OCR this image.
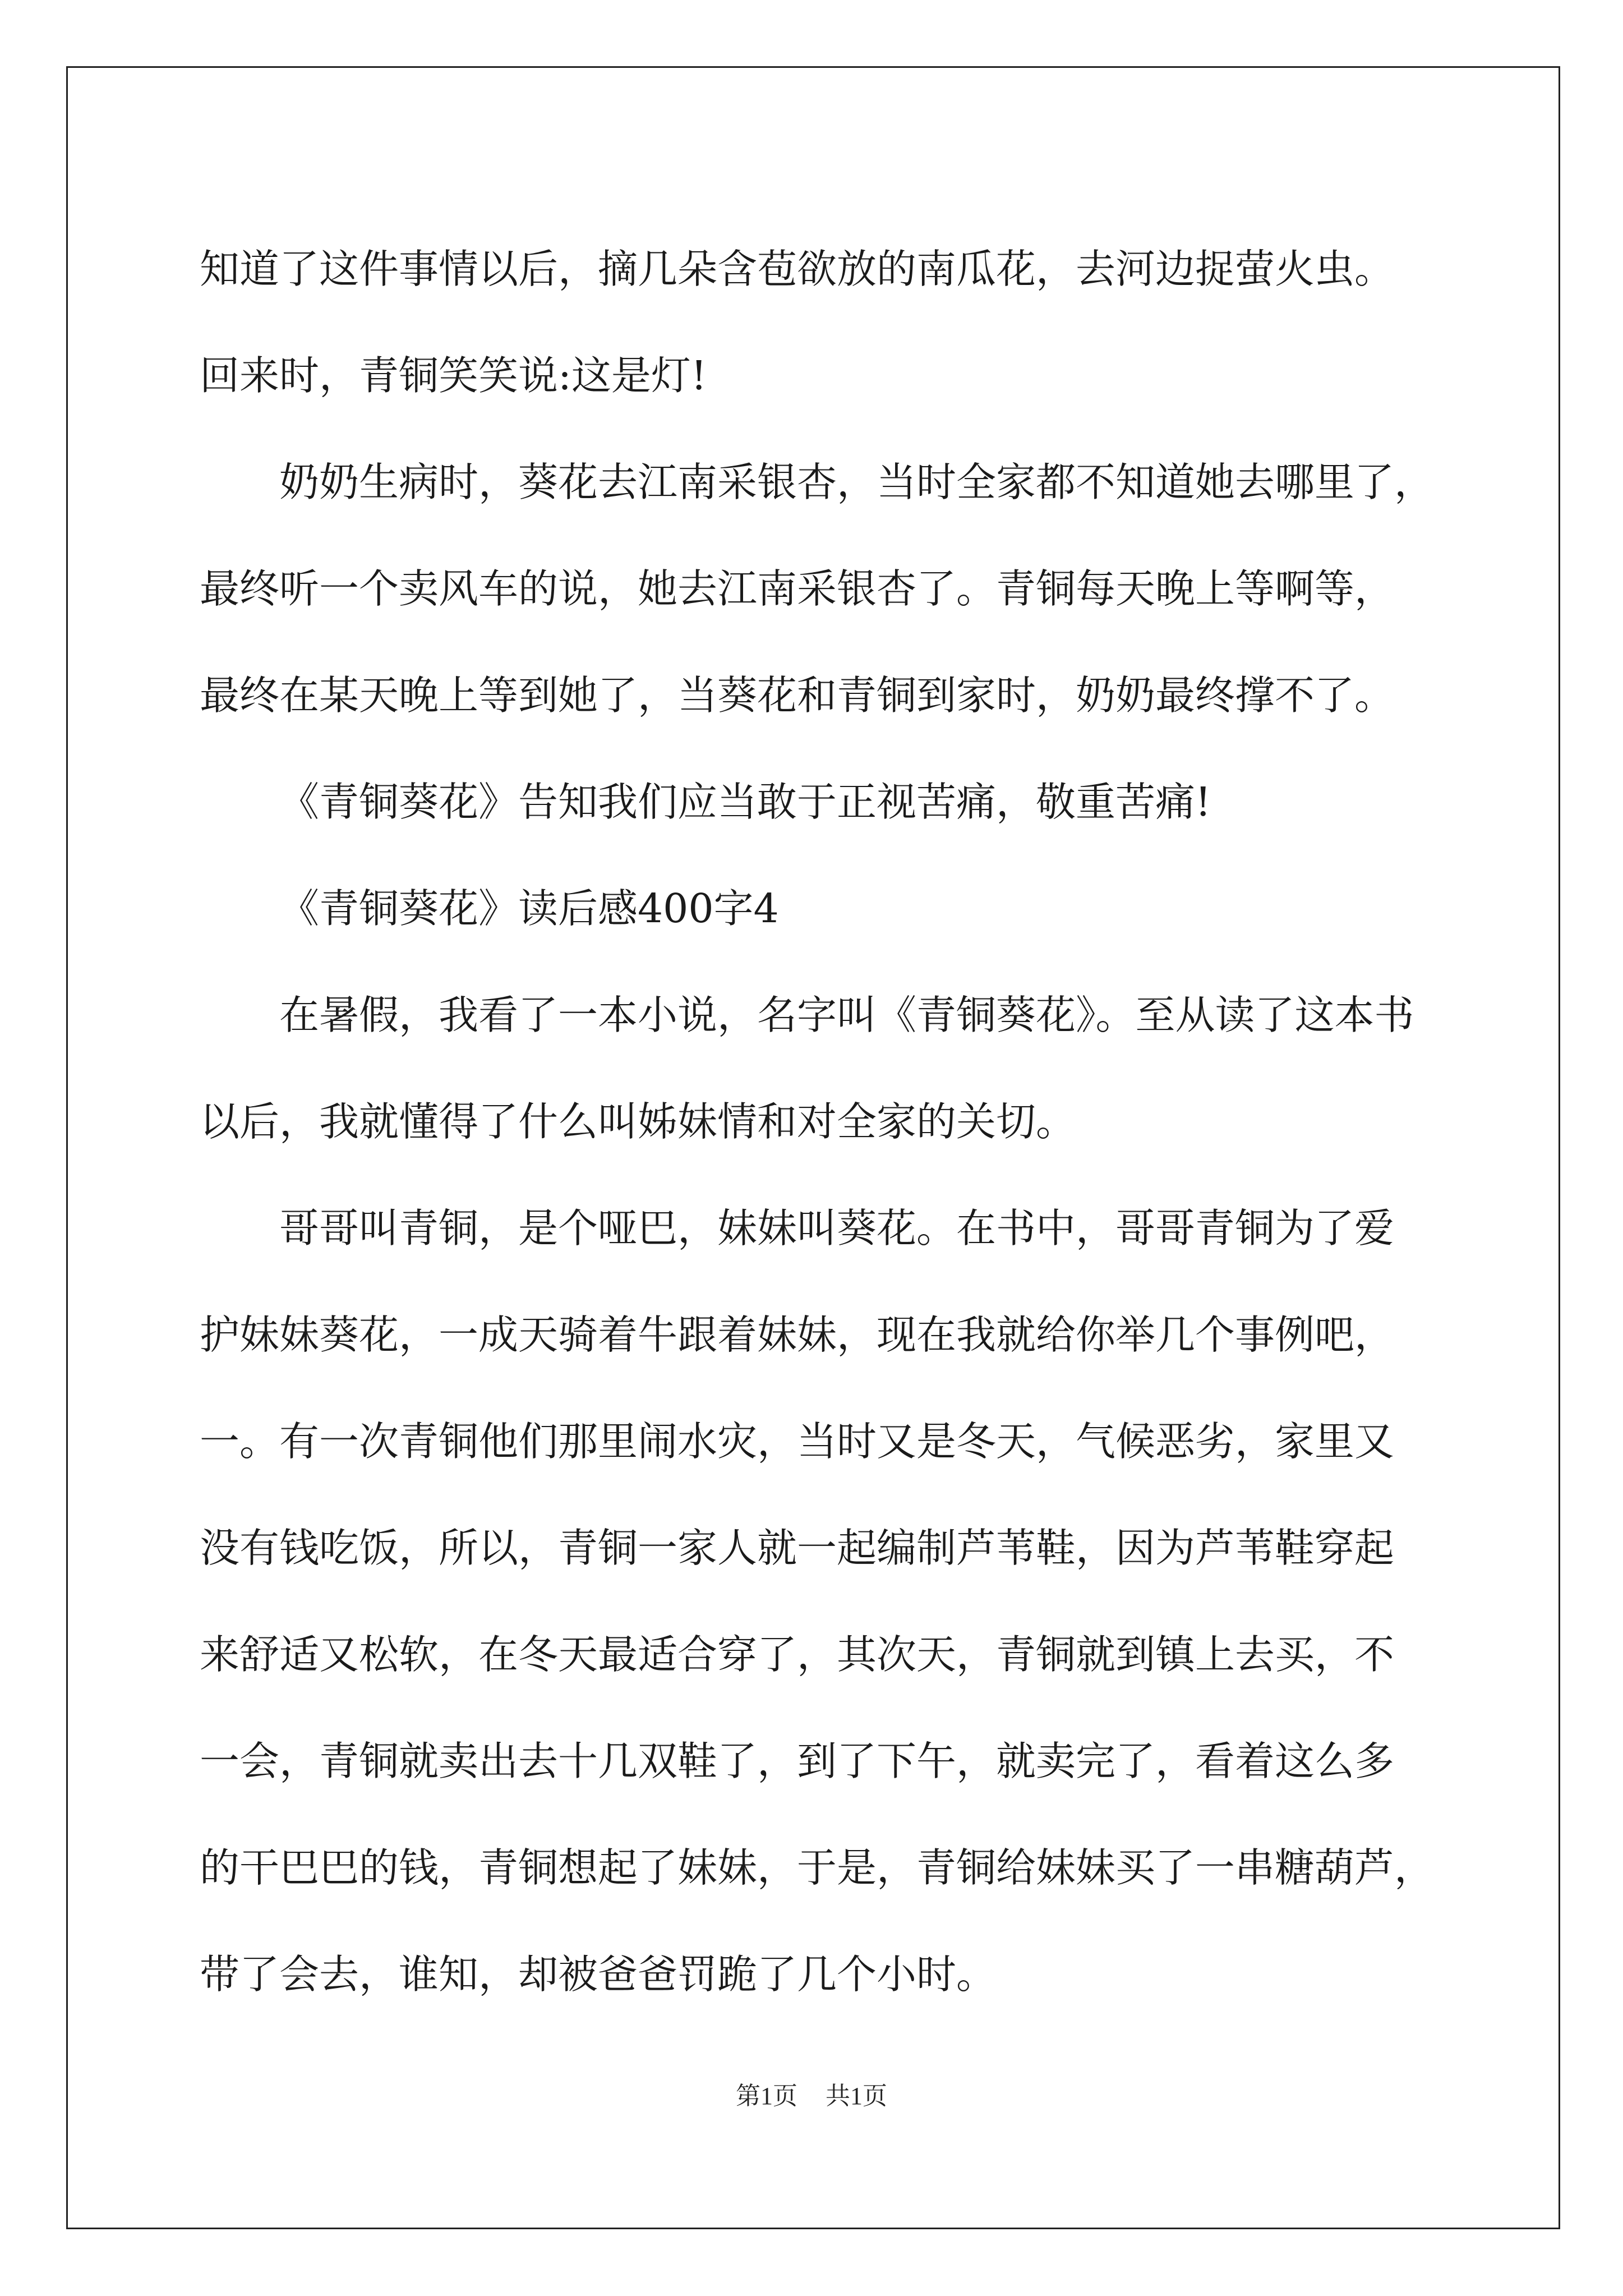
知道了这件事情以后，摘几朵含苞欲放的南瓜花，去河边捉萤火虫。
回来时，青铜笑笑说:这是灯!
奶奶生病时，葵花去江南采银杏，当时全家都不知道她去哪里了，
最终听一个卖风车的说，她去江南采银杏了。青铜每天晚上等啊等，
最终在某天晚上等到她了，当葵花和青铜到家时，奶奶最终撑不了。
《青铜葵花》告知我们应当敢于正视苦痛，敬重苦痛!
《青铜葵花》读后感400字4
在暑假，我看了一本小说，名字叫《青铜葵花》。至从读了这本书
以后，我就懂得了什么叫姊妹情和对全家的关切。
哥哥叫青铜，是个哑巴，妹妹叫葵花。在书中，哥哥青铜为了爱
护妹妹葵花，一成天骑着牛跟着妹妹，现在我就给你举几个事例吧，
一。有一次青铜他们那里闹水灾，当时又是冬天，气候恶劣，家里又
没有钱吃饭，所以，青铜一家人就一起编制芦苇鞋，因为芦苇鞋穿起
来舒适又松软，在冬天最适合穿了，其次天，青铜就到镇上去买，不
一会，青铜就卖出去十几双鞋了，到了下午，就卖完了，看着这么多
的干巴巴的钱，青铜想起了妹妹，于是，青铜给妹妹买了一串糖葫芦，
带了会去，谁知，却被爸爸罚跪了几个小时。
第1页 共1页
